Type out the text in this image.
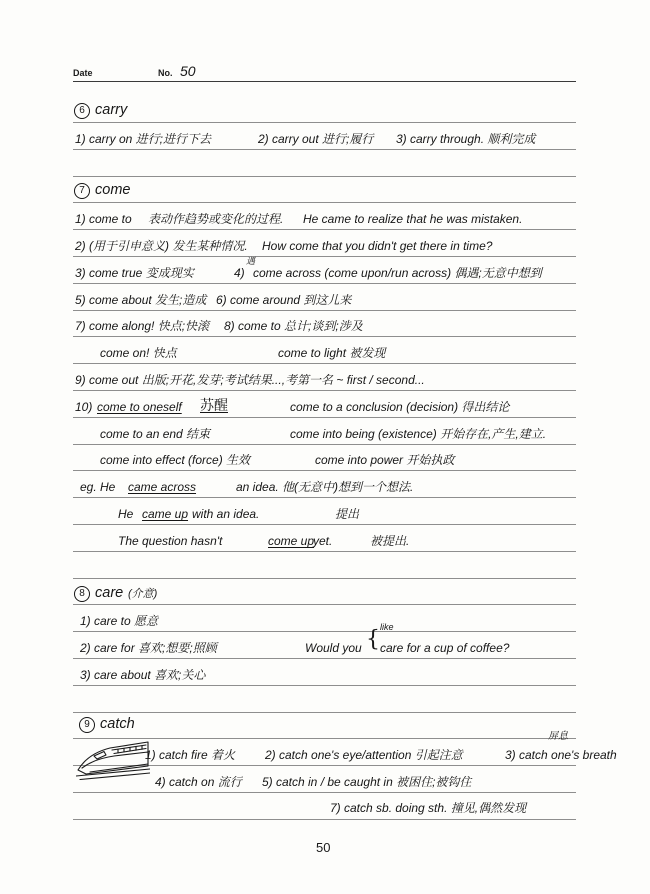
Date	No. 50
6 carry
1) carry on 进行;进行下去	2) carry out 进行;履行 3) carry through. 顺利完成
7 come
1) come to 表动作趋势或变化的过程. He came to realize that he was mistaken.
2) (用于引申意义) 发生某种情况. How come that you didn't get there in time?
3) come true 变成现实	4)
遇
come across (come upon/run across) 偶遇;无意中想到
5) come about 发生;造成 6) come around 到这儿来
7) come along! 快点;快滚 8) come to 总计;谈到;涉及
come on! 快点	come to light 被发现
9) come out 出版;开花,发芽;考试结果...,考第一名 ~ first / second...
10) come to oneself 苏醒	come to a conclusion (decision) 得出结论
come to an end 结束	come into being (existence) 开始存在,产生,建立.
come into effect (force) 生效	come into power 开始执政
eg. He came across	an idea. 他(无意中)想到一个想法.
He came up with an idea.	提出
The question hasn't	come up
yet.	被提出.
8 care (介意)
1) care to 愿意
2) care for 喜欢;想要;照顾	Would you { like
care for a cup of coffee?
3) care about 喜欢;关心
9 catch
1) catch fire 着火 2) catch one's eye/attention 引起注意	3) catch one's breath
屏息
4) catch on 流行 5) catch in / be caught in 被困住;被钩住
7) catch sb. doing sth. 撞见,偶然发现
50
